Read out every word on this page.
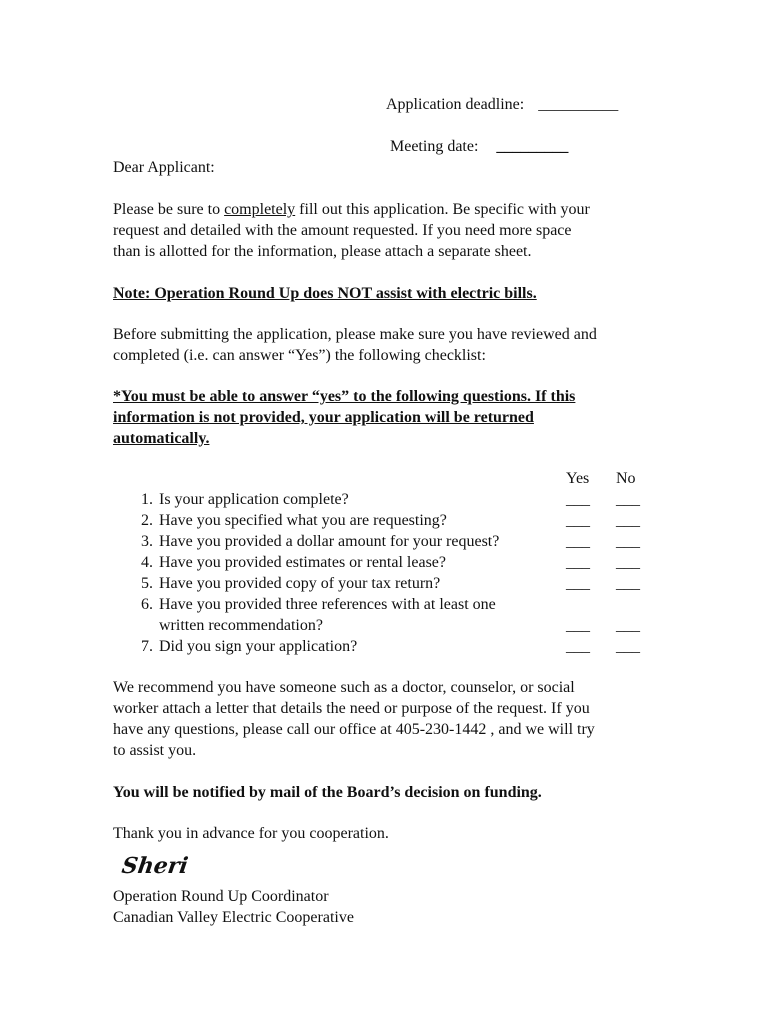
Application deadline: __________
Meeting date: _________
Dear Applicant:
Please be sure to completely fill out this application. Be specific with your
request and detailed with the amount requested. If you need more space
than is allotted for the information, please attach a separate sheet.
Note: Operation Round Up does NOT assist with electric bills.
Before submitting the application, please make sure you have reviewed and
completed (i.e. can answer “Yes”) the following checklist:
*You must be able to answer “yes” to the following questions. If this
information is not provided, your application will be returned
automatically.
Yes No
1. Is your application complete?	___ ___
2. Have you specified what you are requesting?	___ ___
3. Have you provided a dollar amount for your request?	___ ___
4. Have you provided estimates or rental lease?	___ ___
5. Have you provided copy of your tax return?	___ ___
6. Have you provided three references with at least one
written recommendation?	___ ___
7. Did you sign your application?	___ ___
We recommend you have someone such as a doctor, counselor, or social
worker attach a letter that details the need or purpose of the request. If you
have any questions, please call our office at 405-230-1442 , and we will try
to assist you.
You will be notified by mail of the Board’s decision on funding.
Thank you in advance for you cooperation.
Sheri
Operation Round Up Coordinator
Canadian Valley Electric Cooperative
